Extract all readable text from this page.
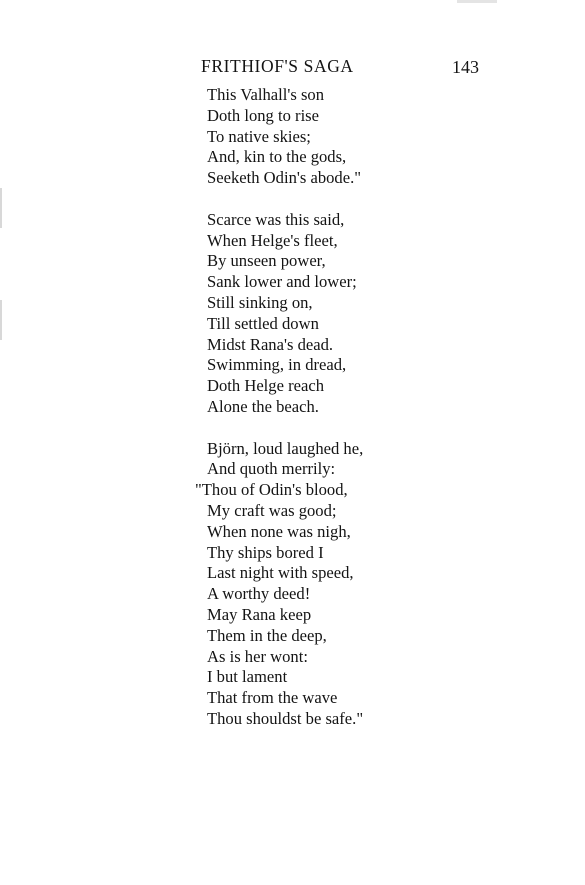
FRITHIOF'S SAGA	143
This Valhall's son
Doth long to rise
To native skies;
And, kin to the gods,
Seeketh Odin's abode."
Scarce was this said,
When Helge's fleet,
By unseen power,
Sank lower and lower;
Still sinking on,
Till settled down
Midst Rana's dead.
Swimming, in dread,
Doth Helge reach
Alone the beach.
Björn, loud laughed he,
And quoth merrily:
"Thou of Odin's blood,
My craft was good;
When none was nigh,
Thy ships bored I
Last night with speed,
A worthy deed!
May Rana keep
Them in the deep,
As is her wont:
I but lament
That from the wave
Thou shouldst be safe."
